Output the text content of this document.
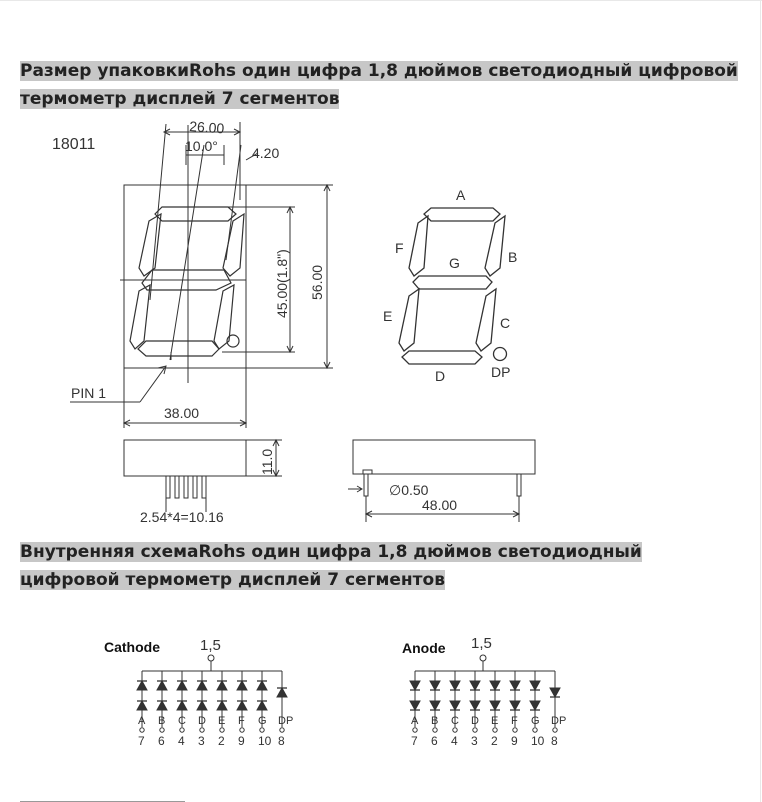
Размер упаковкиRohs один цифра 1,8 дюймов светодиодный цифровой
термометр дисплей 7 сегментов
Внутренняя схемаRohs один цифра 1,8 дюймов светодиодный
цифровой термометр дисплей 7 сегментов
18011
26.00
10.0° 4.20
45.00(1.8") 56.00
38.00
PIN 1
11.0
2.54*4=10.16
∅0.50
48.00
A
B
C
D
E
F
G
DP
Cathode	1,5
A
7
B
6
C
4
D
3
E
2
F
9
G
10
DP
8
Anode 1,5
A
7
B
6
C
4
D
3
E
2
F
9
G
10
DP
8
